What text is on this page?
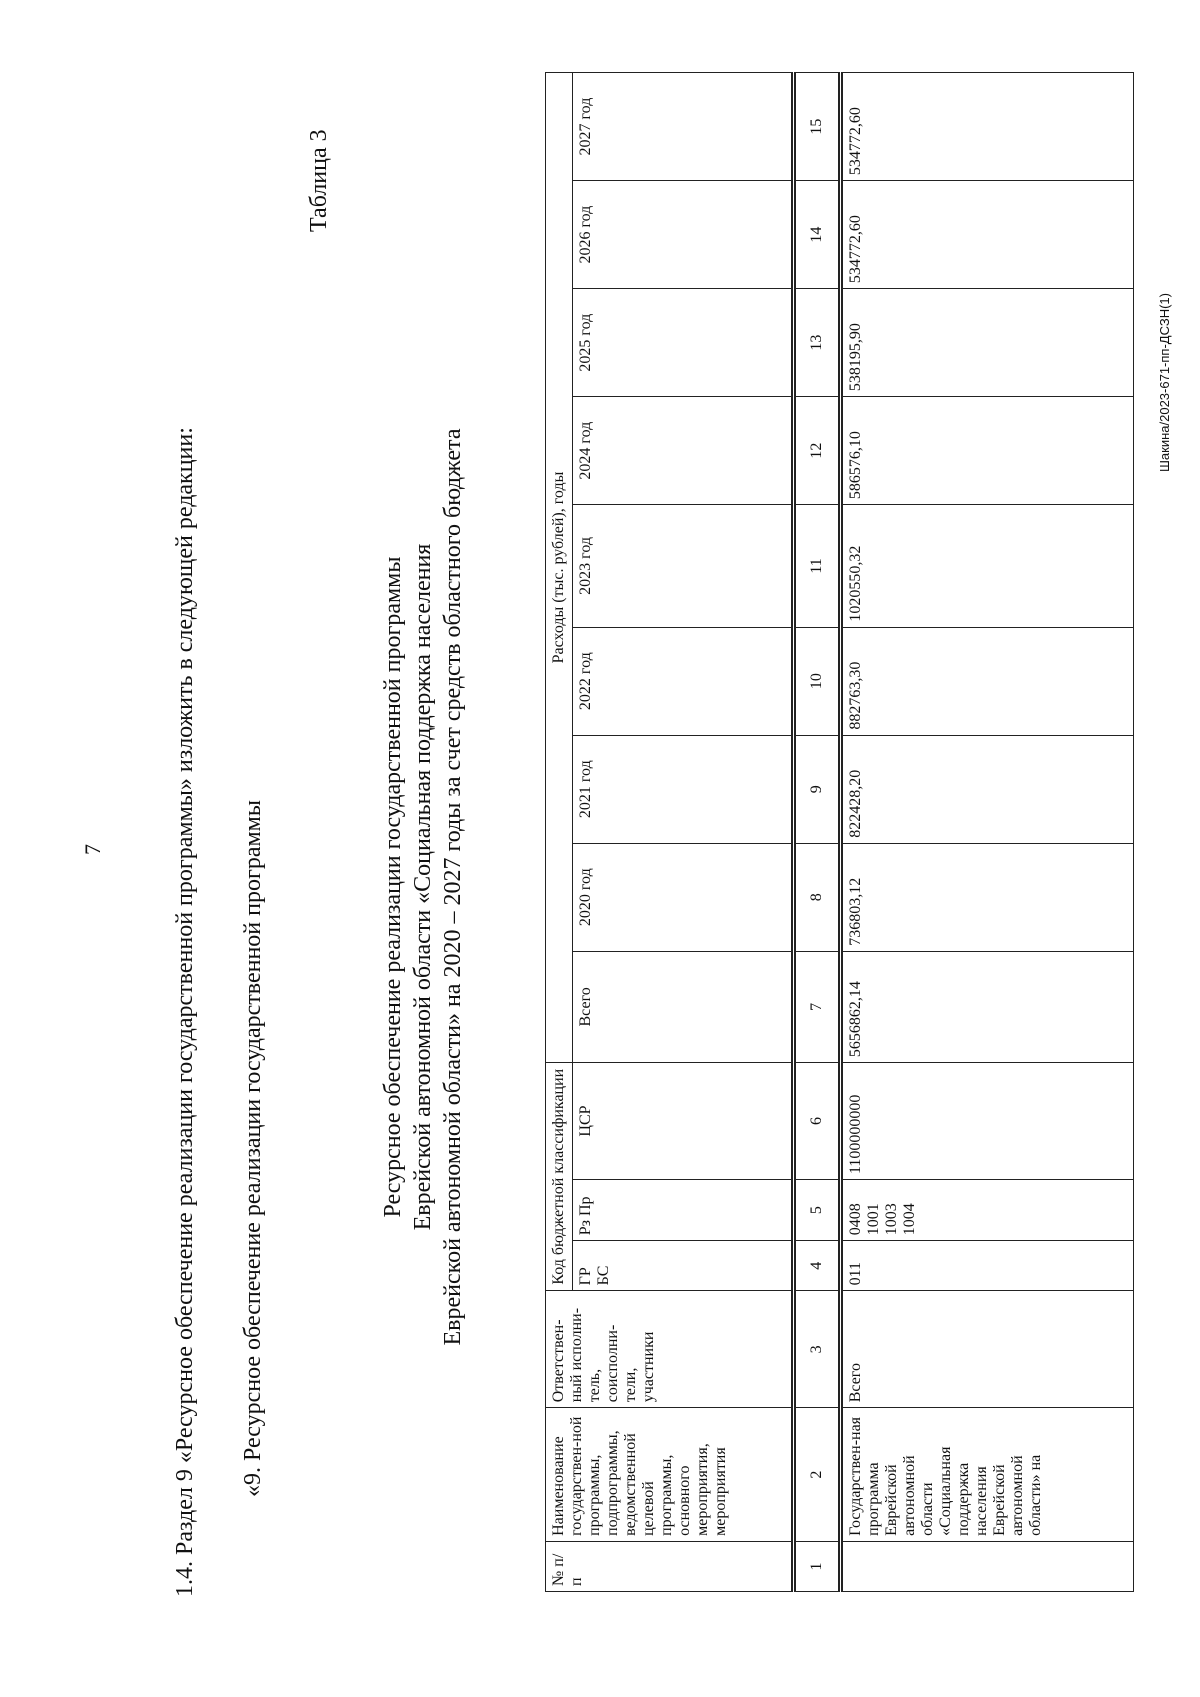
7	1.4. Раздел 9 «Ресурсное обеспечение реализации государственной программы» изложить в следующей редакции: «9. Ресурсное обеспечение реализации государственной программы
Таблица 3
Ресурсное обеспечение реализации государственной программы Еврейской автономной области «Социальная поддержка населения Еврейской автономной области» на 2020 – 2027 годы за счет средств областного бюджета
№ п/п	Наименование государствен-ной программы, подпрограммы, ведомственной целевой программы, основного мероприятия, мероприятия	Ответствен-ный исполни-тель, соисполни-тели, участники	Код бюджетной классификации			Расходы (тыс. рублей), годы								
			ГР БС	Рз Пр	ЦСР	Всего	2020 год	2021 год	2022 год	2023 год	2024 год	2025 год	2026 год	2027 год
1	2	3	4	5	6	7	8	9	10	11	12	13	14	15
	Государствен-ная программа Еврейской автономной области «Социальная поддержка населения Еврейской автономной области» на	Всего	011	0408
1001
1003
1004	1100000000	5656862,14	736803,12	822428,20	882763,30	1020550,32	586576,10	538195,90	534772,60	534772,60
Шакина/2023-671-пп-ДСЗН(1)
